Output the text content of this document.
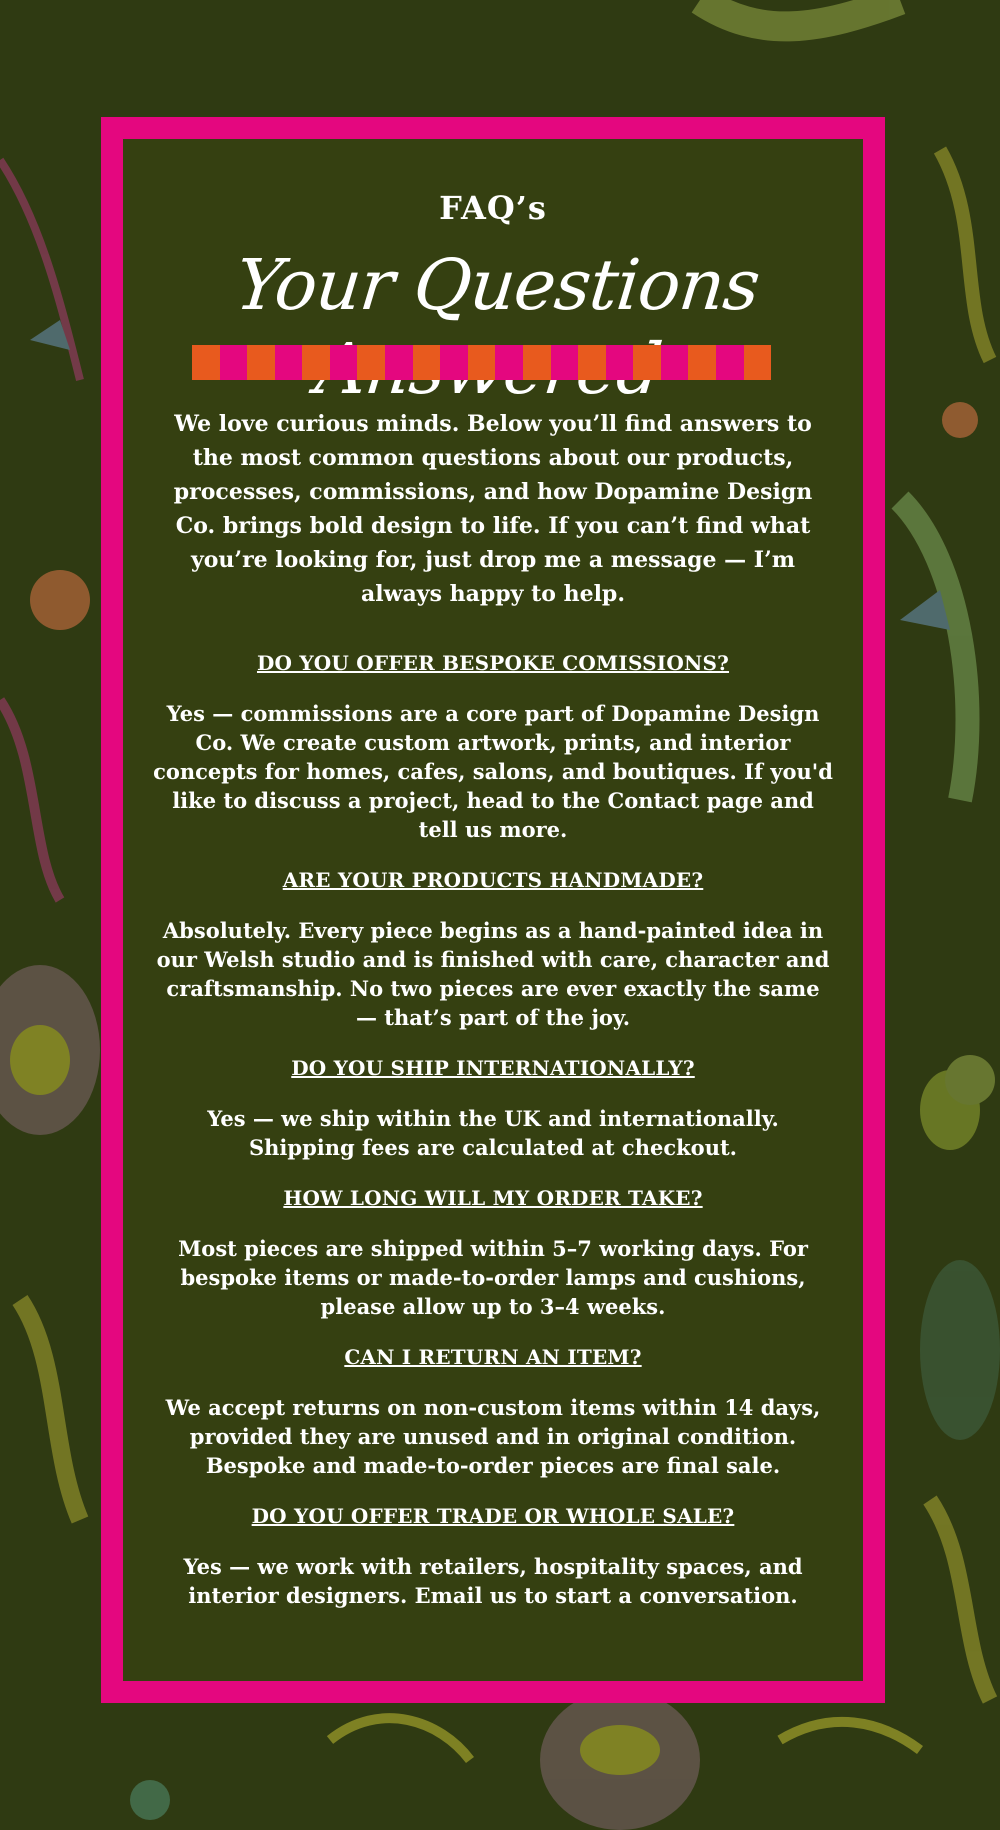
FAQ’s
Your Questions
We love curious minds. Below you’ll find answers to the most common questions about our products, processes, commissions, and how Dopamine Design Co. brings bold design to life. If you can’t find what you’re looking for, just drop me a message — I’m always happy to help.
DO YOU OFFER BESPOKE COMISSIONS?
Yes — commissions are a core part of Dopamine Design Co. We create custom artwork, prints, and interior concepts for homes, cafes, salons, and boutiques. If you'd like to discuss a project, head to the Contact page and tell us more.
ARE YOUR PRODUCTS HANDMADE?
Absolutely. Every piece begins as a hand-painted idea in our Welsh studio and is finished with care, character and craftsmanship. No two pieces are ever exactly the same — that’s part of the joy.
DO YOU SHIP INTERNATIONALLY?
Yes — we ship within the UK and internationally. Shipping fees are calculated at checkout.
HOW LONG WILL MY ORDER TAKE?
Most pieces are shipped within 5–7 working days. For bespoke items or made-to-order lamps and cushions, please allow up to 3–4 weeks.
CAN I RETURN AN ITEM?
We accept returns on non-custom items within 14 days, provided they are unused and in original condition. Bespoke and made-to-order pieces are final sale.
DO YOU OFFER TRADE OR WHOLE SALE?
Yes — we work with retailers, hospitality spaces, and interior designers. Email us to start a conversation.
